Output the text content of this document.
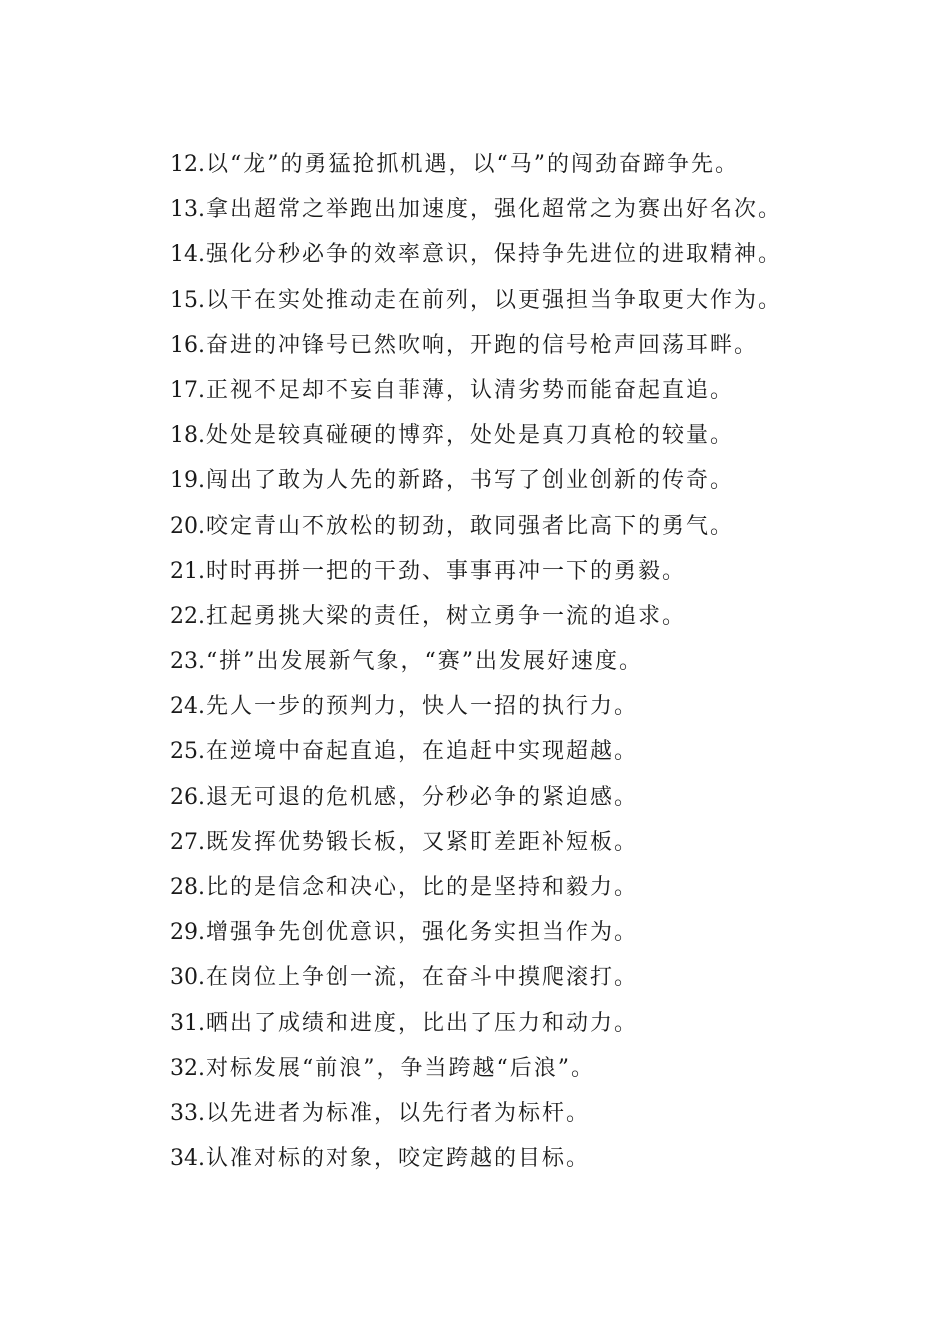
12.以“龙”的勇猛抢抓机遇，以“马”的闯劲奋蹄争先。
13.拿出超常之举跑出加速度，强化超常之为赛出好名次。
14.强化分秒必争的效率意识，保持争先进位的进取精神。
15.以干在实处推动走在前列，以更强担当争取更大作为。
16.奋进的冲锋号已然吹响，开跑的信号枪声回荡耳畔。
17.正视不足却不妄自菲薄，认清劣势而能奋起直追。
18.处处是较真碰硬的博弈，处处是真刀真枪的较量。
19.闯出了敢为人先的新路，书写了创业创新的传奇。
20.咬定青山不放松的韧劲，敢同强者比高下的勇气。
21.时时再拼一把的干劲、事事再冲一下的勇毅。
22.扛起勇挑大梁的责任，树立勇争一流的追求。
23.“拼”出发展新气象，“赛”出发展好速度。
24.先人一步的预判力，快人一招的执行力。
25.在逆境中奋起直追，在追赶中实现超越。
26.退无可退的危机感，分秒必争的紧迫感。
27.既发挥优势锻长板，又紧盯差距补短板。
28.比的是信念和决心，比的是坚持和毅力。
29.增强争先创优意识，强化务实担当作为。
30.在岗位上争创一流，在奋斗中摸爬滚打。
31.晒出了成绩和进度，比出了压力和动力。
32.对标发展“前浪”，争当跨越“后浪”。
33.以先进者为标准，以先行者为标杆。
34.认准对标的对象，咬定跨越的目标。
